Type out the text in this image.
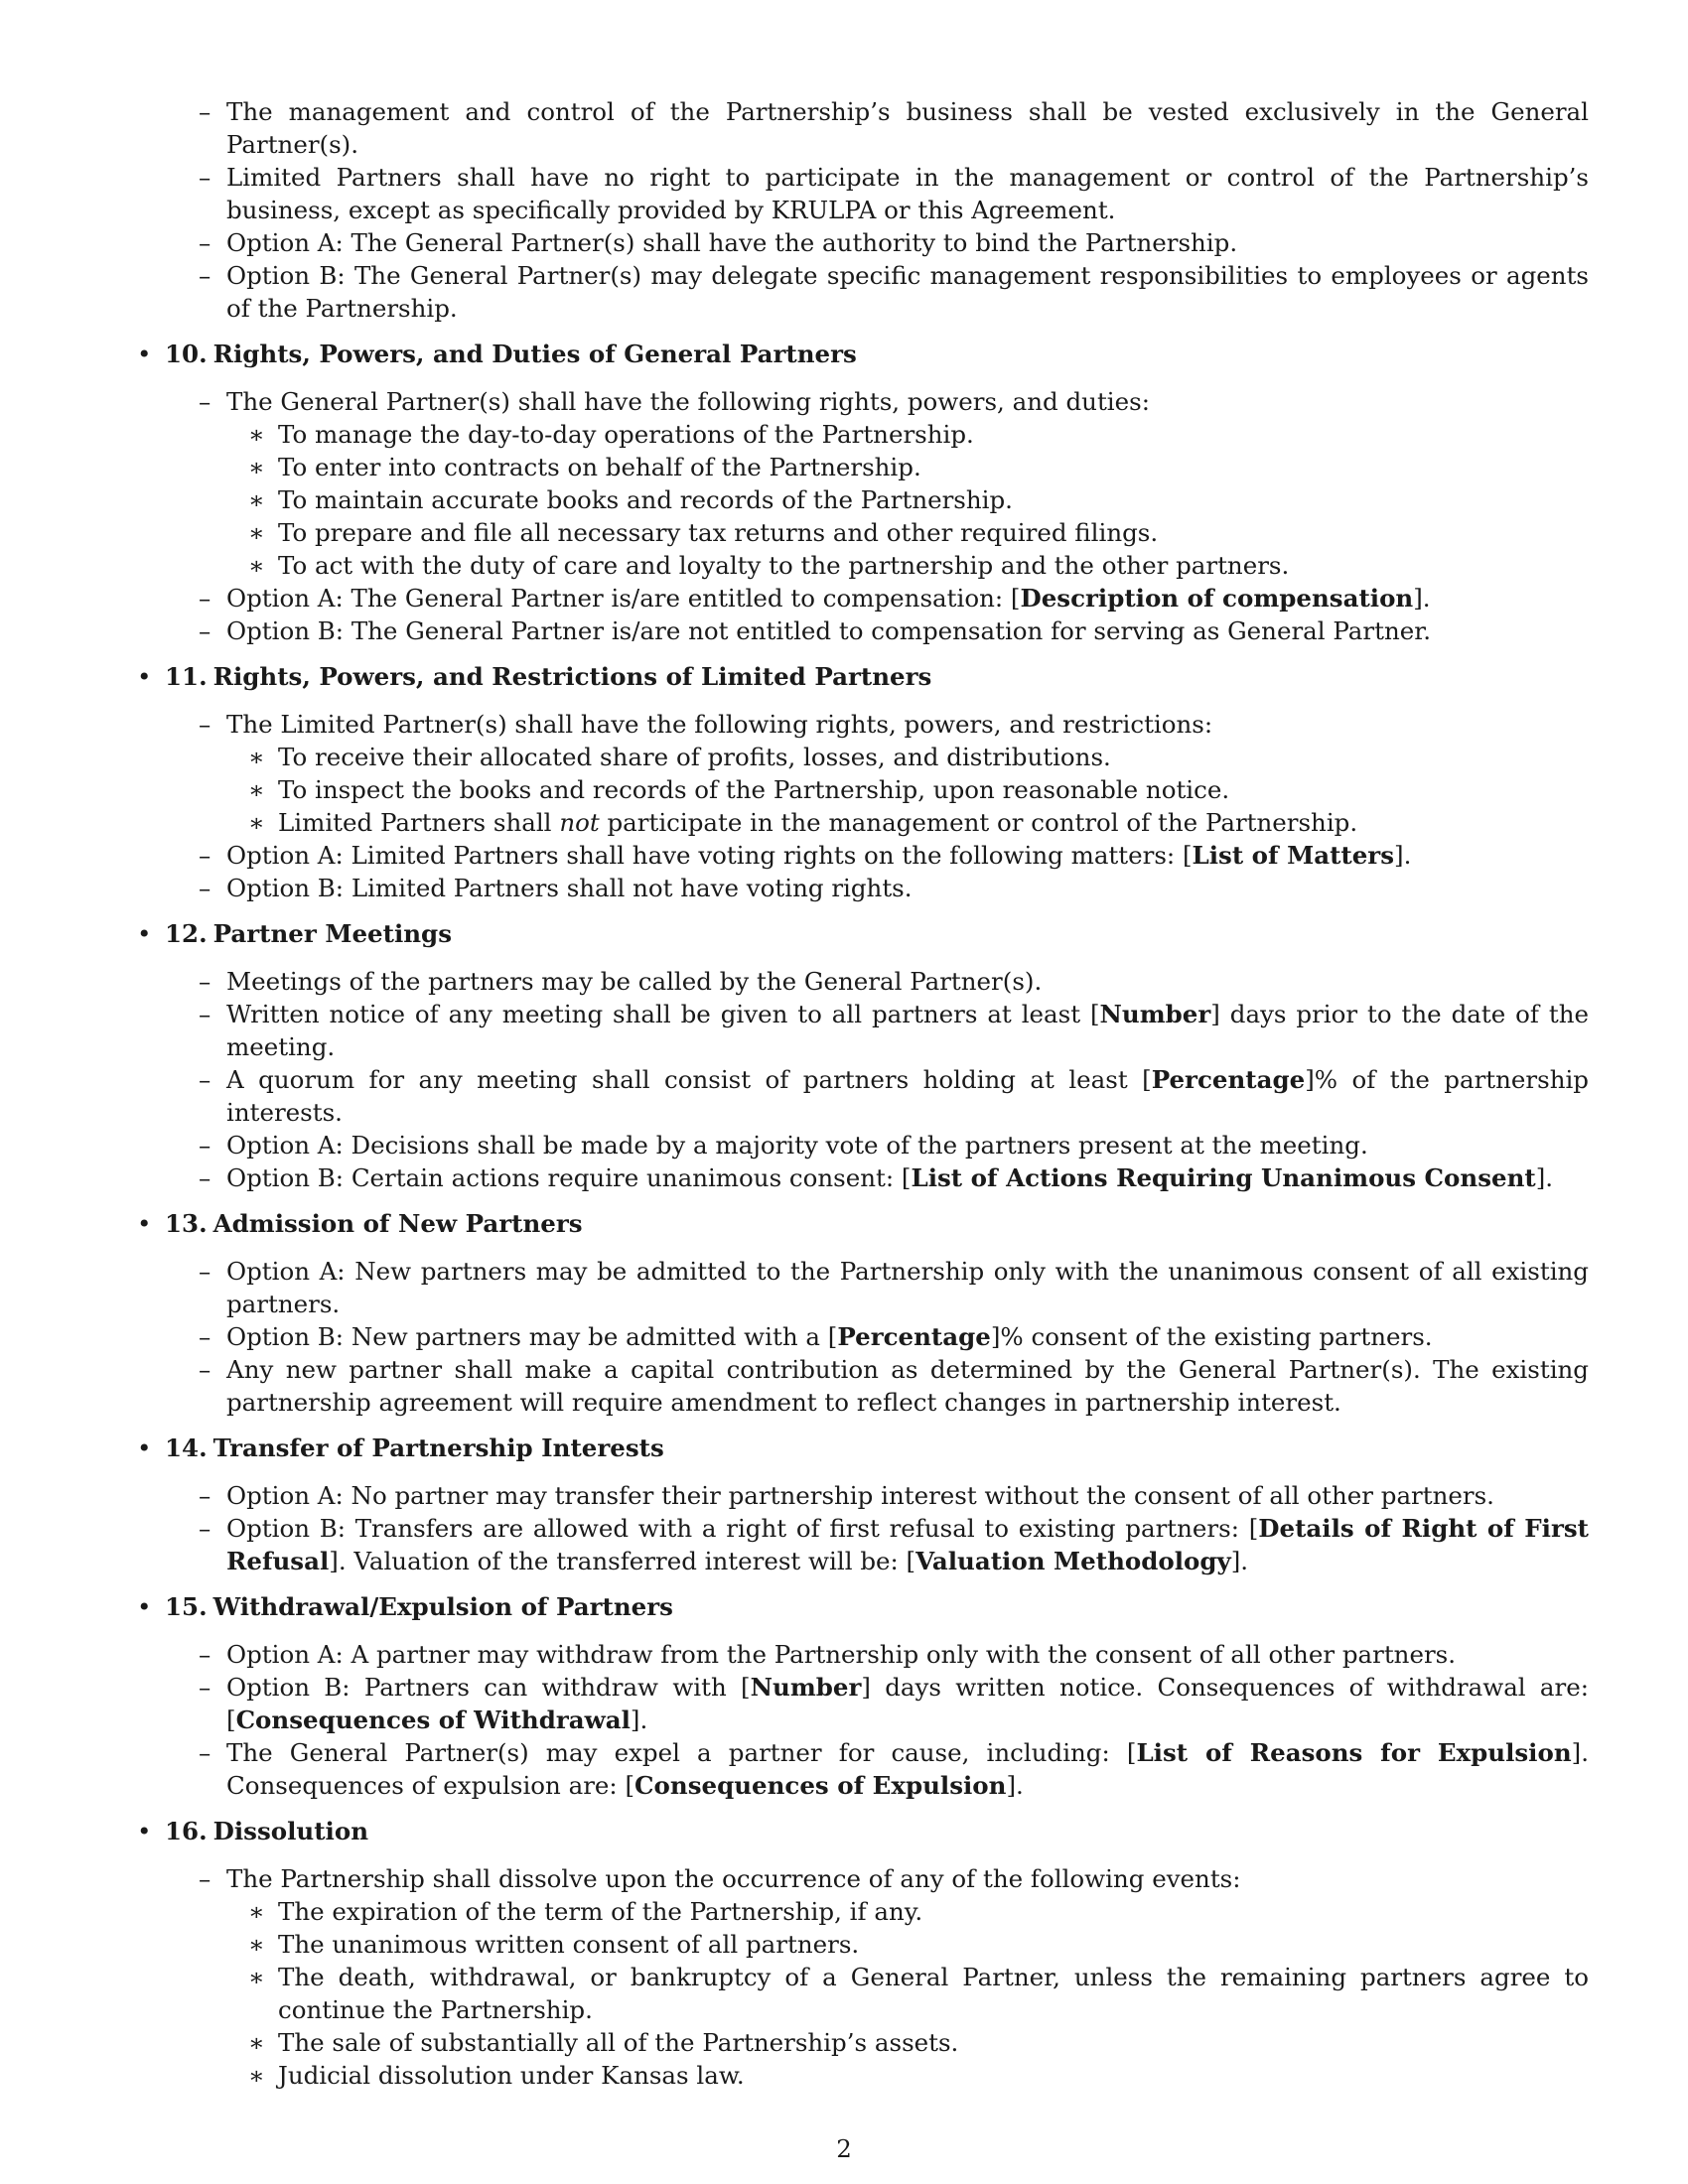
– The management and control of the Partnership’s business shall be vested exclusively in the General Partner(s).
– Limited Partners shall have no right to participate in the management or control of the Partnership’s business, except as specifically provided by KRULPA or this Agreement.
– Option A: The General Partner(s) shall have the authority to bind the Partnership.
– Option B: The General Partner(s) may delegate specific management responsibilities to employees or agents of the Partnership.
• 10. Rights, Powers, and Duties of General Partners
– The General Partner(s) shall have the following rights, powers, and duties:
∗ To manage the day-to-day operations of the Partnership.
∗ To enter into contracts on behalf of the Partnership.
∗ To maintain accurate books and records of the Partnership.
∗ To prepare and file all necessary tax returns and other required filings.
∗ To act with the duty of care and loyalty to the partnership and the other partners.
– Option A: The General Partner is/are entitled to compensation: [Description of compensation].
– Option B: The General Partner is/are not entitled to compensation for serving as General Partner.
• 11. Rights, Powers, and Restrictions of Limited Partners
– The Limited Partner(s) shall have the following rights, powers, and restrictions:
∗ To receive their allocated share of profits, losses, and distributions.
∗ To inspect the books and records of the Partnership, upon reasonable notice.
∗ Limited Partners shall not participate in the management or control of the Partnership.
– Option A: Limited Partners shall have voting rights on the following matters: [List of Matters].
– Option B: Limited Partners shall not have voting rights.
• 12. Partner Meetings
– Meetings of the partners may be called by the General Partner(s).
– Written notice of any meeting shall be given to all partners at least [Number] days prior to the date of the meeting.
– A quorum for any meeting shall consist of partners holding at least [Percentage]% of the partnership interests.
– Option A: Decisions shall be made by a majority vote of the partners present at the meeting.
– Option B: Certain actions require unanimous consent: [List of Actions Requiring Unanimous Consent].
• 13. Admission of New Partners
– Option A: New partners may be admitted to the Partnership only with the unanimous consent of all existing partners.
– Option B: New partners may be admitted with a [Percentage]% consent of the existing partners.
– Any new partner shall make a capital contribution as determined by the General Partner(s). The existing partnership agreement will require amendment to reflect changes in partnership interest.
• 14. Transfer of Partnership Interests
– Option A: No partner may transfer their partnership interest without the consent of all other partners.
– Option B: Transfers are allowed with a right of first refusal to existing partners: [Details of Right of First Refusal]. Valuation of the transferred interest will be: [Valuation Methodology].
• 15. Withdrawal/Expulsion of Partners
– Option A: A partner may withdraw from the Partnership only with the consent of all other partners.
– Option B: Partners can withdraw with [Number] days written notice. Consequences of withdrawal are: [Consequences of Withdrawal].
– The General Partner(s) may expel a partner for cause, including: [List of Reasons for Expulsion]. Consequences of expulsion are: [Consequences of Expulsion].
• 16. Dissolution
– The Partnership shall dissolve upon the occurrence of any of the following events:
∗ The expiration of the term of the Partnership, if any.
∗ The unanimous written consent of all partners.
∗ The death, withdrawal, or bankruptcy of a General Partner, unless the remaining partners agree to continue the Partnership.
∗ The sale of substantially all of the Partnership’s assets.
∗ Judicial dissolution under Kansas law.
2
